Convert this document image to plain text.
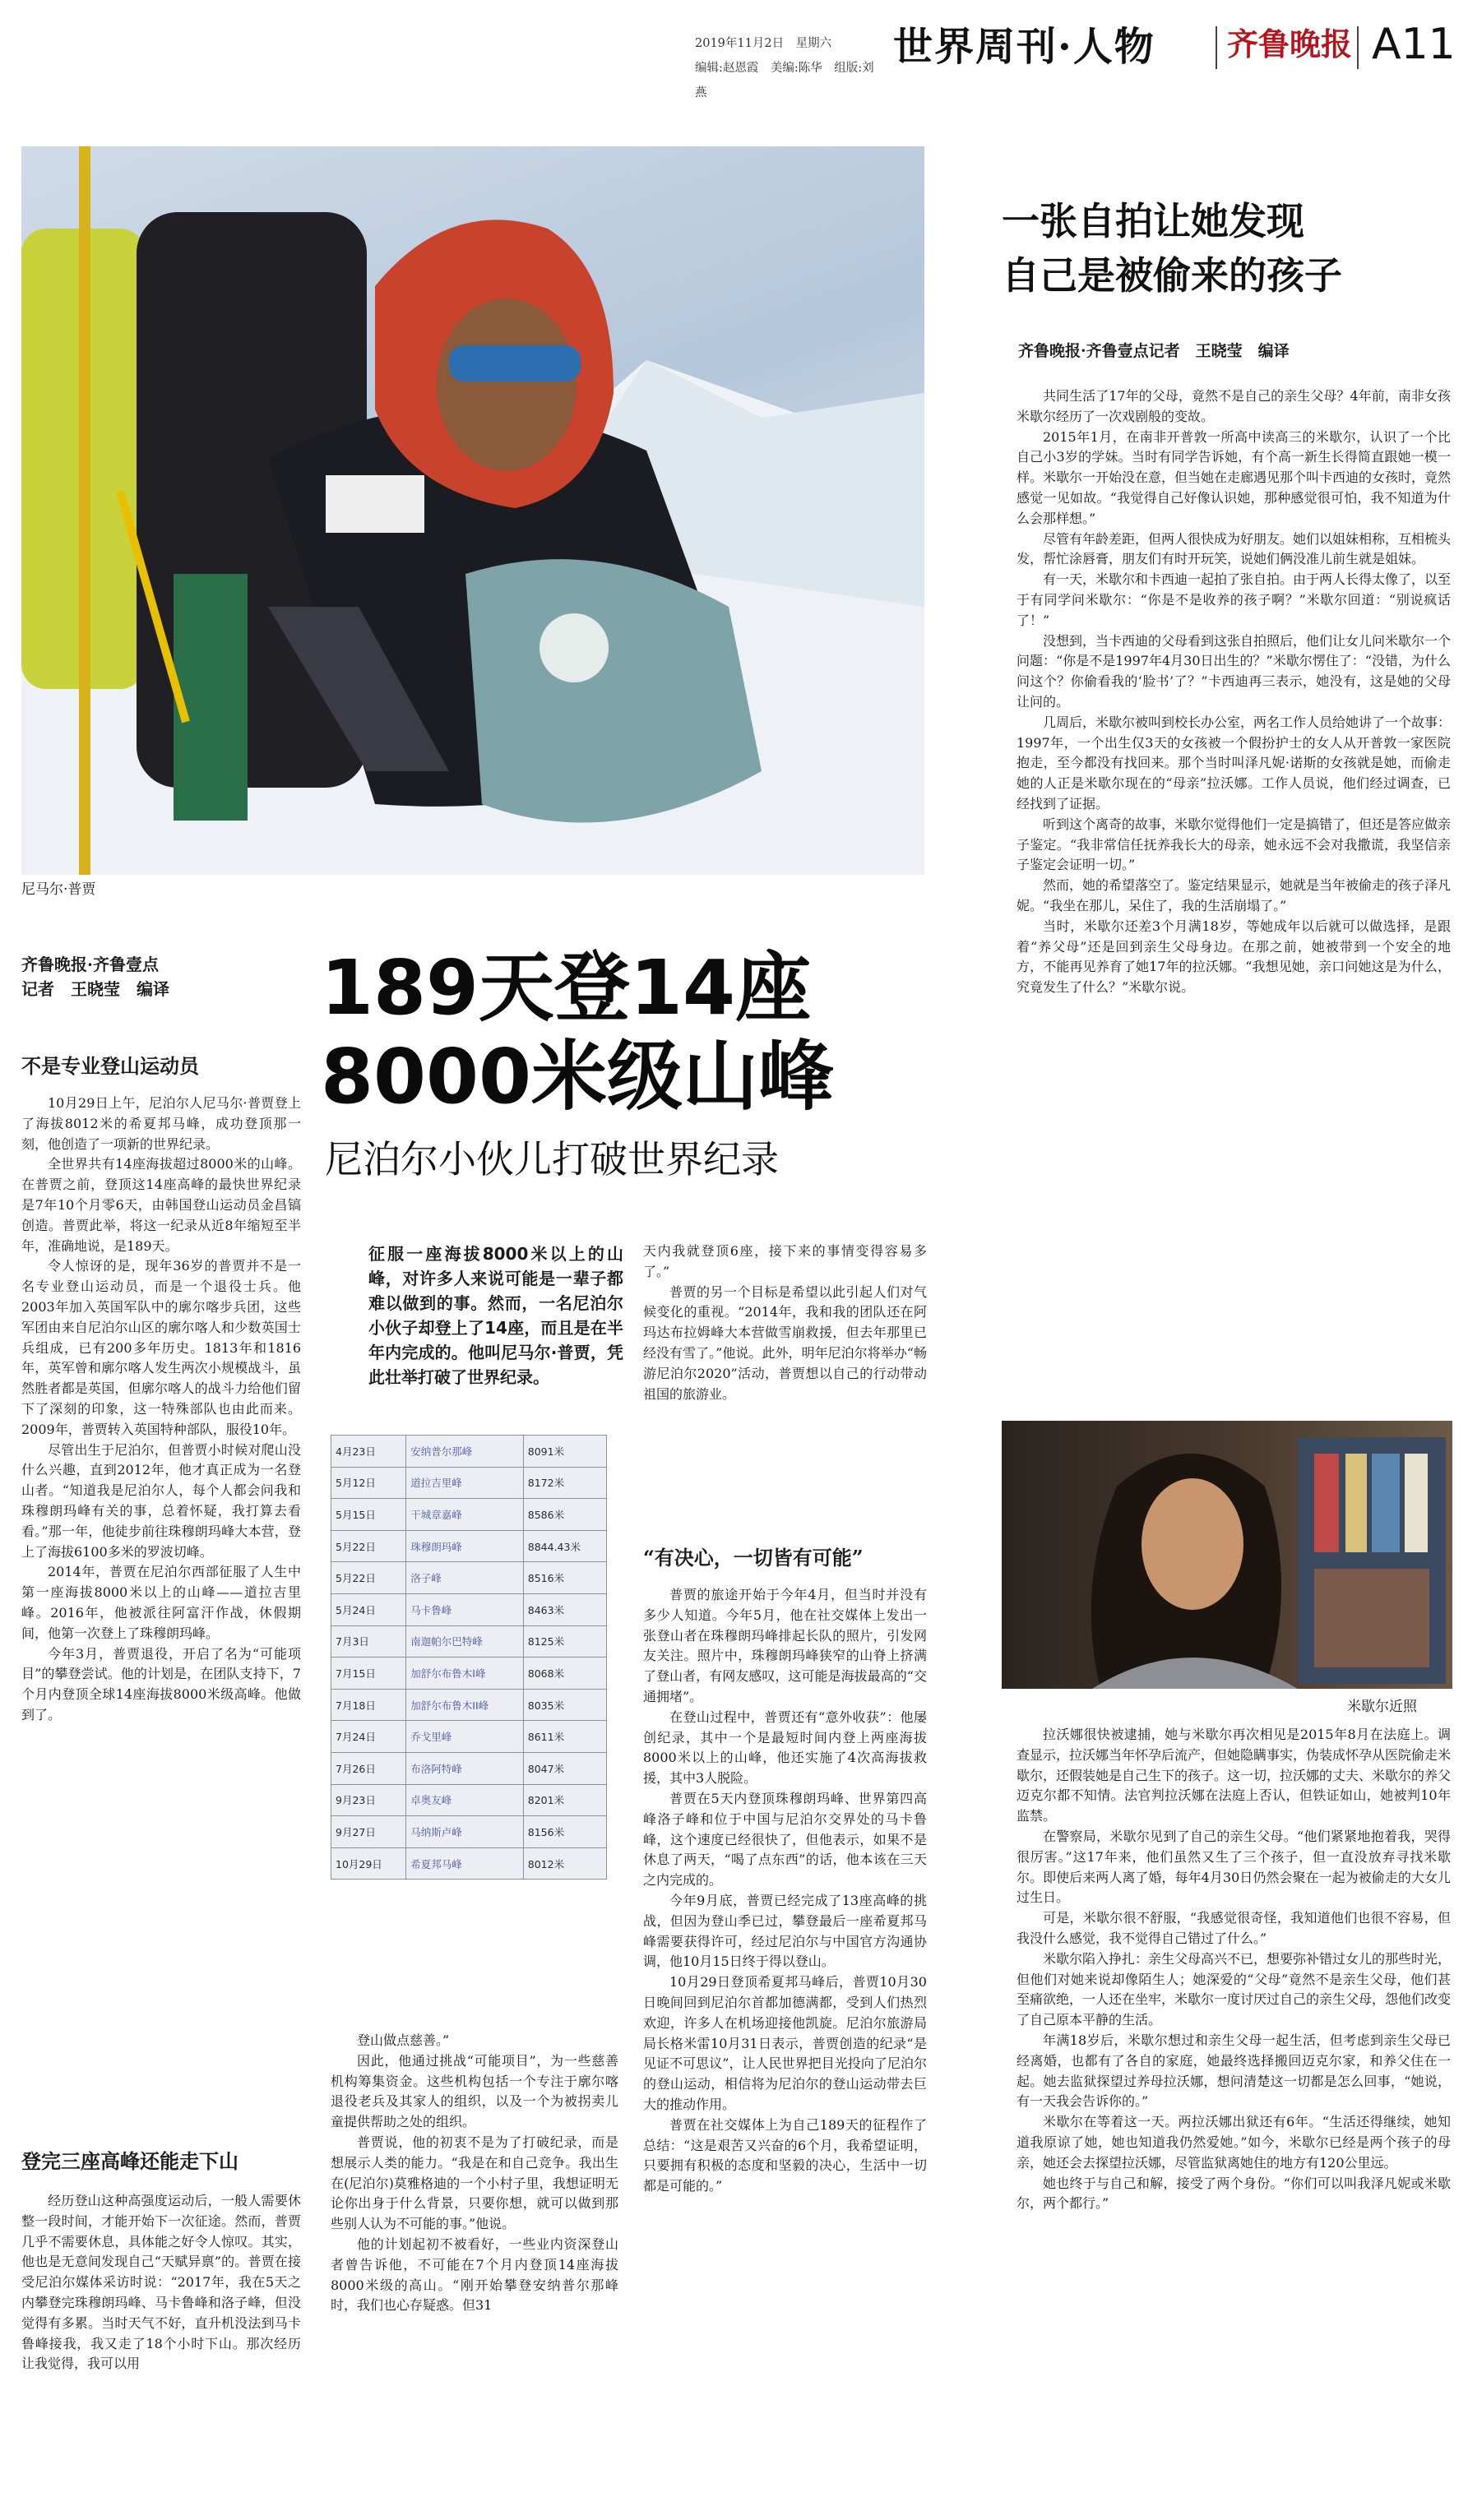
2019年11月2日　星期六
编辑:赵恩霞　美编:陈华　组版:刘燕
世界周刊·人物 齐鲁晚报 A11
尼马尔·普贾
齐鲁晚报·齐鲁壹点
记者　王晓莹　编译	189天登14座
8000米级山峰
尼泊尔小伙儿打破世界纪录
征服一座海拔8000米以上的山峰，对许多人来说可能是一辈子都难以做到的事。然而，一名尼泊尔小伙子却登上了14座，而且是在半年内完成的。他叫尼马尔·普贾，凭此壮举打破了世界纪录。
不是专业登山运动员

10月29日上午，尼泊尔人尼马尔·普贾登上了海拔8012米的希夏邦马峰，成功登顶那一刻，他创造了一项新的世界纪录。

全世界共有14座海拔超过8000米的山峰。在普贾之前，登顶这14座高峰的最快世界纪录是7年10个月零6天，由韩国登山运动员金昌镐创造。普贾此举，将这一纪录从近8年缩短至半年，准确地说，是189天。

令人惊讶的是，现年36岁的普贾并不是一名专业登山运动员，而是一个退役士兵。他2003年加入英国军队中的廓尔喀步兵团，这些军团由来自尼泊尔山区的廓尔喀人和少数英国士兵组成，已有200多年历史。1813年和1816年，英军曾和廓尔喀人发生两次小规模战斗，虽然胜者都是英国，但廓尔喀人的战斗力给他们留下了深刻的印象，这一特殊部队也由此而来。2009年，普贾转入英国特种部队，服役10年。

尽管出生于尼泊尔，但普贾小时候对爬山没什么兴趣，直到2012年，他才真正成为一名登山者。“知道我是尼泊尔人，每个人都会问我和珠穆朗玛峰有关的事，总着怀疑，我打算去看看。”那一年，他徒步前往珠穆朗玛峰大本营，登上了海拔6100多米的罗波切峰。

2014年，普贾在尼泊尔西部征服了人生中第一座海拔8000米以上的山峰——道拉吉里峰。2016年，他被派往阿富汗作战，休假期间，他第一次登上了珠穆朗玛峰。

今年3月，普贾退役，开启了名为“可能项目”的攀登尝试。他的计划是，在团队支持下，7个月内登顶全球14座海拔8000米级高峰。他做到了。

登完三座高峰还能走下山

经历登山这种高强度运动后，一般人需要休整一段时间，才能开始下一次征途。然而，普贾几乎不需要休息，具体能之好令人惊叹。其实，他也是无意间发现自己“天赋异禀”的。普贾在接受尼泊尔媒体采访时说：“2017年，我在5天之内攀登完珠穆朗玛峰、马卡鲁峰和洛子峰，但没觉得有多累。当时天气不好，直升机没法到马卡鲁峰接我，我又走了18个小时下山。那次经历让我觉得，我可以用

4月23日	安纳普尔那峰	8091米
5月12日	道拉吉里峰	8172米
5月15日	干城章嘉峰	8586米
5月22日	珠穆朗玛峰	8844.43米
5月22日	洛子峰	8516米
5月24日	马卡鲁峰	8463米
7月3日	南迦帕尔巴特峰	8125米
7月15日	加舒尔布鲁木I峰	8068米
7月18日	加舒尔布鲁木II峰	8035米
7月24日	乔戈里峰	8611米
7月26日	布洛阿特峰	8047米
9月23日	卓奥友峰	8201米
9月27日	马纳斯卢峰	8156米
10月29日	希夏邦马峰	8012米

登山做点慈善。”

因此，他通过挑战“可能项目”，为一些慈善机构筹集资金。这些机构包括一个专注于廓尔喀退役老兵及其家人的组织，以及一个为被拐卖儿童提供帮助之处的组织。

普贾说，他的初衷不是为了打破纪录，而是想展示人类的能力。“我是在和自己竞争。我出生在(尼泊尔)莫雅格迪的一个小村子里，我想证明无论你出身于什么背景，只要你想，就可以做到那些别人认为不可能的事。”他说。

他的计划起初不被看好，一些业内资深登山者曾告诉他，不可能在7个月内登顶14座海拔8000米级的高山。“刚开始攀登安纳普尔那峰时，我们也心存疑惑。但31

天内我就登顶6座，接下来的事情变得容易多了。”

普贾的另一个目标是希望以此引起人们对气候变化的重视。“2014年，我和我的团队还在阿玛达布拉姆峰大本营做雪崩救援，但去年那里已经没有雪了。”他说。此外，明年尼泊尔将举办“畅游尼泊尔2020”活动，普贾想以自己的行动带动祖国的旅游业。

“有决心，一切皆有可能”

普贾的旅途开始于今年4月，但当时并没有多少人知道。今年5月，他在社交媒体上发出一张登山者在珠穆朗玛峰排起长队的照片，引发网友关注。照片中，珠穆朗玛峰狭窄的山脊上挤满了登山者，有网友感叹，这可能是海拔最高的“交通拥堵”。

在登山过程中，普贾还有“意外收获”：他屡创纪录，其中一个是最短时间内登上两座海拔8000米以上的山峰，他还实施了4次高海拔救援，其中3人脱险。

普贾在5天内登顶珠穆朗玛峰、世界第四高峰洛子峰和位于中国与尼泊尔交界处的马卡鲁峰，这个速度已经很快了，但他表示，如果不是休息了两天，“喝了点东西”的话，他本该在三天之内完成的。

今年9月底，普贾已经完成了13座高峰的挑战，但因为登山季已过，攀登最后一座希夏邦马峰需要获得许可，经过尼泊尔与中国官方沟通协调，他10月15日终于得以登山。

10月29日登顶希夏邦马峰后，普贾10月30日晚间回到尼泊尔首都加德满都，受到人们热烈欢迎，许多人在机场迎接他凯旋。尼泊尔旅游局局长格米雷10月31日表示，普贾创造的纪录“是见证不可思议”，让人民世界把目光投向了尼泊尔的登山运动，相信将为尼泊尔的登山运动带去巨大的推动作用。

普贾在社交媒体上为自己189天的征程作了总结：“这是艰苦又兴奋的6个月，我希望证明，只要拥有积极的态度和坚毅的决心，生活中一切都是可能的。”

一张自拍让她发现
自己是被偷来的孩子
齐鲁晚报·齐鲁壹点记者　王晓莹　编译

共同生活了17年的父母，竟然不是自己的亲生父母？4年前，南非女孩米歇尔经历了一次戏剧般的变故。

2015年1月，在南非开普敦一所高中读高三的米歇尔，认识了一个比自己小3岁的学妹。当时有同学告诉她，有个高一新生长得简直跟她一模一样。米歇尔一开始没在意，但当她在走廊遇见那个叫卡西迪的女孩时，竟然感觉一见如故。“我觉得自己好像认识她，那种感觉很可怕，我不知道为什么会那样想。”

尽管有年龄差距，但两人很快成为好朋友。她们以姐妹相称，互相梳头发，帮忙涂唇膏，朋友们有时开玩笑，说她们俩没准儿前生就是姐妹。

有一天，米歇尔和卡西迪一起拍了张自拍。由于两人长得太像了，以至于有同学问米歇尔：“你是不是收养的孩子啊？”米歇尔回道：“别说疯话了！”

没想到，当卡西迪的父母看到这张自拍照后，他们让女儿问米歇尔一个问题：“你是不是1997年4月30日出生的？”米歇尔愣住了：“没错，为什么问这个？你偷看我的‘脸书’了？”卡西迪再三表示，她没有，这是她的父母让问的。

几周后，米歇尔被叫到校长办公室，两名工作人员给她讲了一个故事：1997年，一个出生仅3天的女孩被一个假扮护士的女人从开普敦一家医院抱走，至今都没有找回来。那个当时叫泽凡妮·诺斯的女孩就是她，而偷走她的人正是米歇尔现在的“母亲”拉沃娜。工作人员说，他们经过调查，已经找到了证据。

听到这个离奇的故事，米歇尔觉得他们一定是搞错了，但还是答应做亲子鉴定。“我非常信任抚养我长大的母亲，她永远不会对我撒谎，我坚信亲子鉴定会证明一切。”

然而，她的希望落空了。鉴定结果显示，她就是当年被偷走的孩子泽凡妮。“我坐在那儿，呆住了，我的生活崩塌了。”

当时，米歇尔还差3个月满18岁，等她成年以后就可以做选择，是跟着“养父母”还是回到亲生父母身边。在那之前，她被带到一个安全的地方，不能再见养育了她17年的拉沃娜。“我想见她，亲口问她这是为什么，究竟发生了什么？”米歇尔说。

米歇尔近照

拉沃娜很快被逮捕，她与米歇尔再次相见是2015年8月在法庭上。调查显示，拉沃娜当年怀孕后流产，但她隐瞒事实，伪装成怀孕从医院偷走米歇尔，还假装她是自己生下的孩子。这一切，拉沃娜的丈夫、米歇尔的养父迈克尔都不知情。法官判拉沃娜在法庭上否认，但铁证如山，她被判10年监禁。

在警察局，米歇尔见到了自己的亲生父母。“他们紧紧地抱着我，哭得很厉害。”这17年来，他们虽然又生了三个孩子，但一直没放弃寻找米歇尔。即使后来两人离了婚，每年4月30日仍然会聚在一起为被偷走的大女儿过生日。

可是，米歇尔很不舒服，“我感觉很奇怪，我知道他们也很不容易，但我没什么感觉，我不觉得自己错过了什么。”

米歇尔陷入挣扎：亲生父母高兴不已，想要弥补错过女儿的那些时光，但他们对她来说却像陌生人；她深爱的“父母”竟然不是亲生父母，他们甚至痛欲绝，一人还在坐牢，米歇尔一度讨厌过自己的亲生父母，怨他们改变了自己原本平静的生活。

年满18岁后，米歇尔想过和亲生父母一起生活，但考虑到亲生父母已经离婚，也都有了各自的家庭，她最终选择搬回迈克尔家，和养父住在一起。她去监狱探望过养母拉沃娜，想问清楚这一切都是怎么回事，“她说，有一天我会告诉你的。”

米歇尔在等着这一天。两拉沃娜出狱还有6年。“生活还得继续，她知道我原谅了她，她也知道我仍然爱她。”如今，米歇尔已经是两个孩子的母亲，她还会去探望拉沃娜，尽管监狱离她住的地方有120公里远。

她也终于与自己和解，接受了两个身份。“你们可以叫我泽凡妮或米歇尔，两个都行。”
